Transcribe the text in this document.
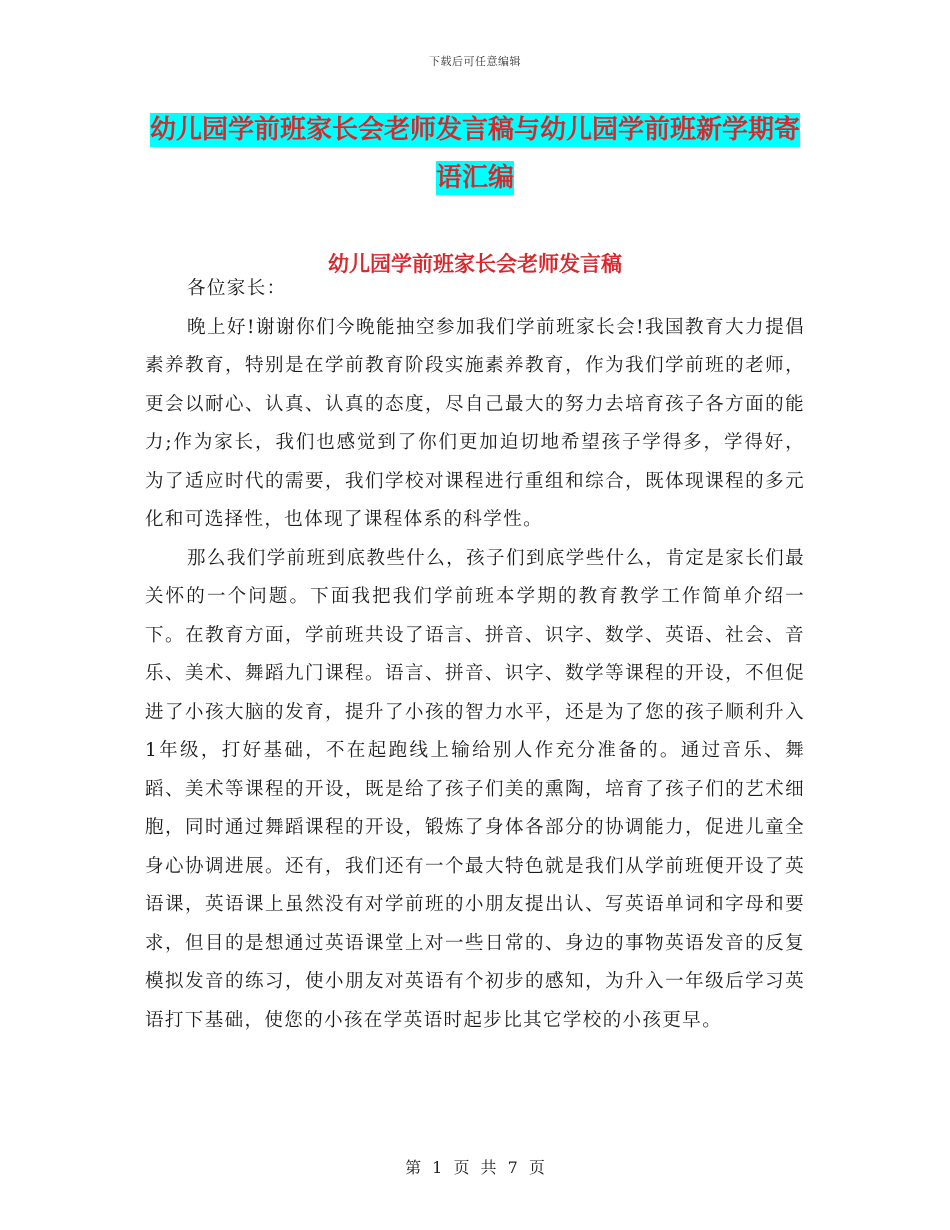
下载后可任意编辑
幼儿园学前班家长会老师发言稿与幼儿园学前班新学期寄语汇编
幼儿园学前班家长会老师发言稿

各位家长：

晚上好!谢谢你们今晚能抽空参加我们学前班家长会!我国教育大力提倡素养教育，特别是在学前教育阶段实施素养教育，作为我们学前班的老师，更会以耐心、认真、认真的态度，尽自己最大的努力去培育孩子各方面的能力;作为家长，我们也感觉到了你们更加迫切地希望孩子学得多，学得好，为了适应时代的需要，我们学校对课程进行重组和综合，既体现课程的多元化和可选择性，也体现了课程体系的科学性。

那么我们学前班到底教些什么，孩子们到底学些什么，肯定是家长们最关怀的一个问题。下面我把我们学前班本学期的教育教学工作简单介绍一下。在教育方面，学前班共设了语言、拼音、识字、数学、英语、社会、音乐、美术、舞蹈九门课程。语言、拼音、识字、数学等课程的开设，不但促进了小孩大脑的发育，提升了小孩的智力水平，还是为了您的孩子顺利升入1年级，打好基础，不在起跑线上输给别人作充分准备的。通过音乐、舞蹈、美术等课程的开设，既是给了孩子们美的熏陶，培育了孩子们的艺术细胞，同时通过舞蹈课程的开设，锻炼了身体各部分的协调能力，促进儿童全身心协调进展。还有，我们还有一个最大特色就是我们从学前班便开设了英语课，英语课上虽然没有对学前班的小朋友提出认、写英语单词和字母和要求，但目的是想通过英语课堂上对一些日常的、身边的事物英语发音的反复模拟发音的练习，使小朋友对英语有个初步的感知，为升入一年级后学习英语打下基础，使您的小孩在学英语时起步比其它学校的小孩更早。

第 1 页 共 7 页
